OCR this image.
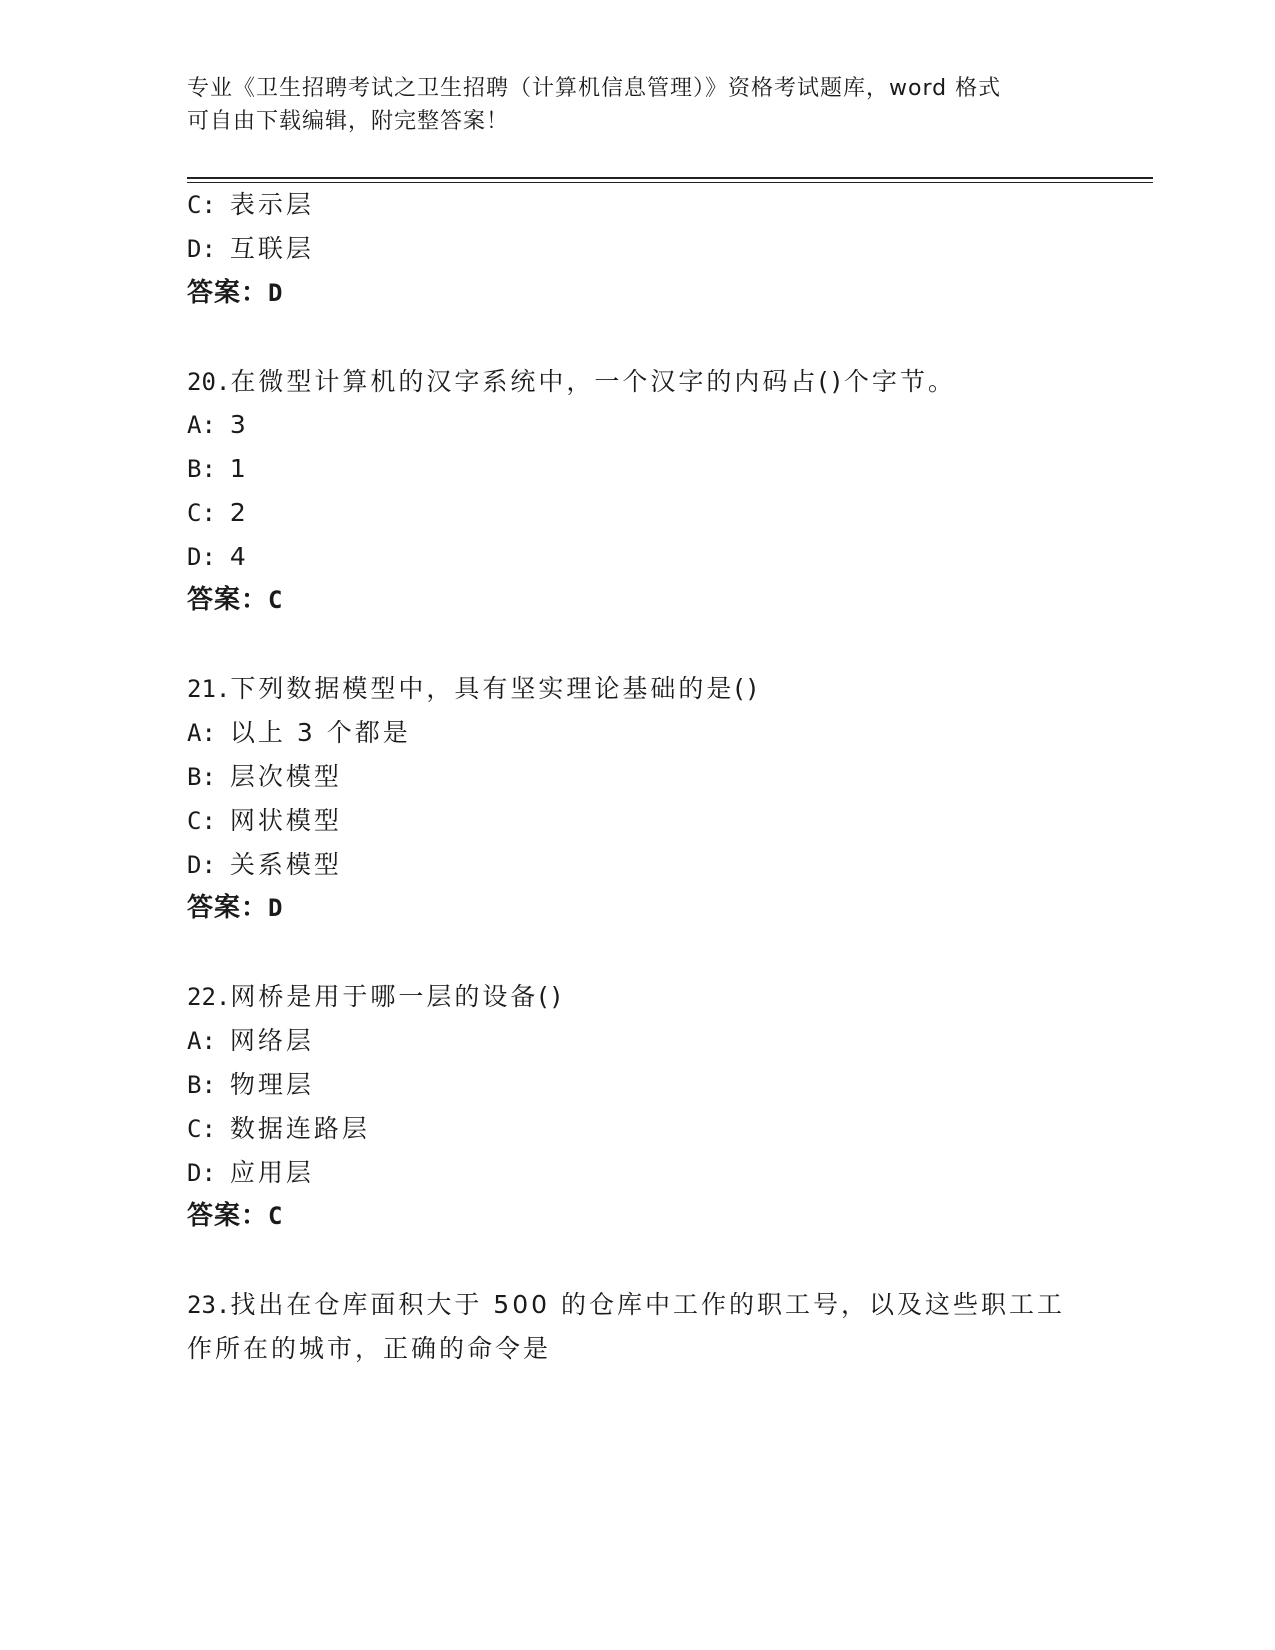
专业《卫生招聘考试之卫生招聘（计算机信息管理）》资格考试题库，word 格式
可自由下载编辑，附完整答案！
C: 表示层
D: 互联层
答案：D
20.在微型计算机的汉字系统中，一个汉字的内码占()个字节。
A: 3
B: 1
C: 2
D: 4
答案：C
21.下列数据模型中，具有坚实理论基础的是()
A: 以上 3 个都是
B: 层次模型
C: 网状模型
D: 关系模型
答案：D
22.网桥是用于哪一层的设备()
A: 网络层
B: 物理层
C: 数据连路层
D: 应用层
答案：C
23.找出在仓库面积大于 500 的仓库中工作的职工号，以及这些职工工
作所在的城市，正确的命令是
